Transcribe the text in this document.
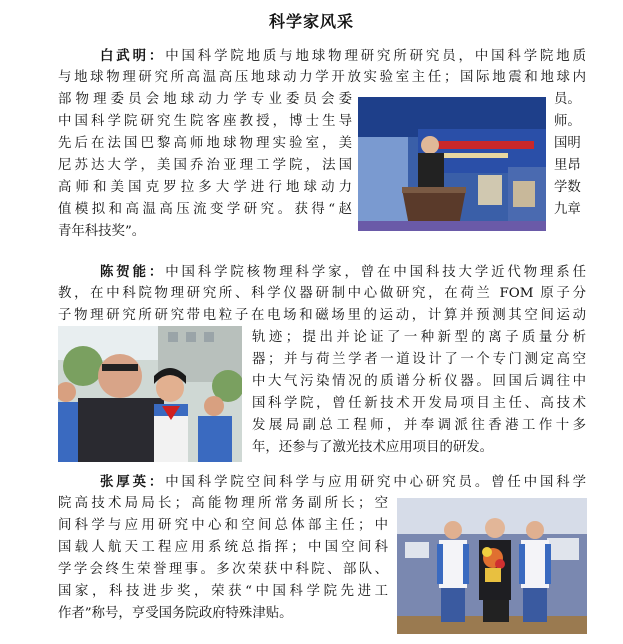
科学家风采
白武明：中国科学院地质与地球物理研究所研究员，中国科学院地质
与地球物理研究所高温高压地球动力学开放实验室主任；国际地震和地球内
部物理委员会地球动力学专业委员会委	员。
中国科学院研究生院客座教授，博士生导	师。
先后在法国巴黎高师地球物理实验室，美	国明
尼苏达大学，美国乔治亚理工学院，法国	里昂
高师和美国克罗拉多大学进行地球动力	学数
值模拟和高温高压流变学研究。获得“赵	九章
青年科技奖”。
陈贺能：中国科学院核物理科学家，曾在中国科技大学近代物理系任
教，在中科院物理研究所、科学仪器研制中心做研究，在荷兰 FOM 原子分
子物理研究所研究带电粒子在电场和磁场里的运动，计算并预测其空间运动
轨迹；提出并论证了一种新型的离子质量分析
器；并与荷兰学者一道设计了一个专门测定高空
中大气污染情况的质谱分析仪器。回国后调往中
国科学院，曾任新技术开发局项目主任、高技术
发展局副总工程师，并奉调派往香港工作十多
年，还参与了激光技术应用项目的研发。
张厚英：中国科学院空间科学与应用研究中心研究员。曾任中国科学
院高技术局局长；高能物理所常务副所长；空
间科学与应用研究中心和空间总体部主任；中
国载人航天工程应用系统总指挥；中国空间科
学学会终生荣誉理事。多次荣获中科院、部队、
国家，科技进步奖，荣获“中国科学院先进工
作者”称号，亨受国务院政府特殊津贴。
